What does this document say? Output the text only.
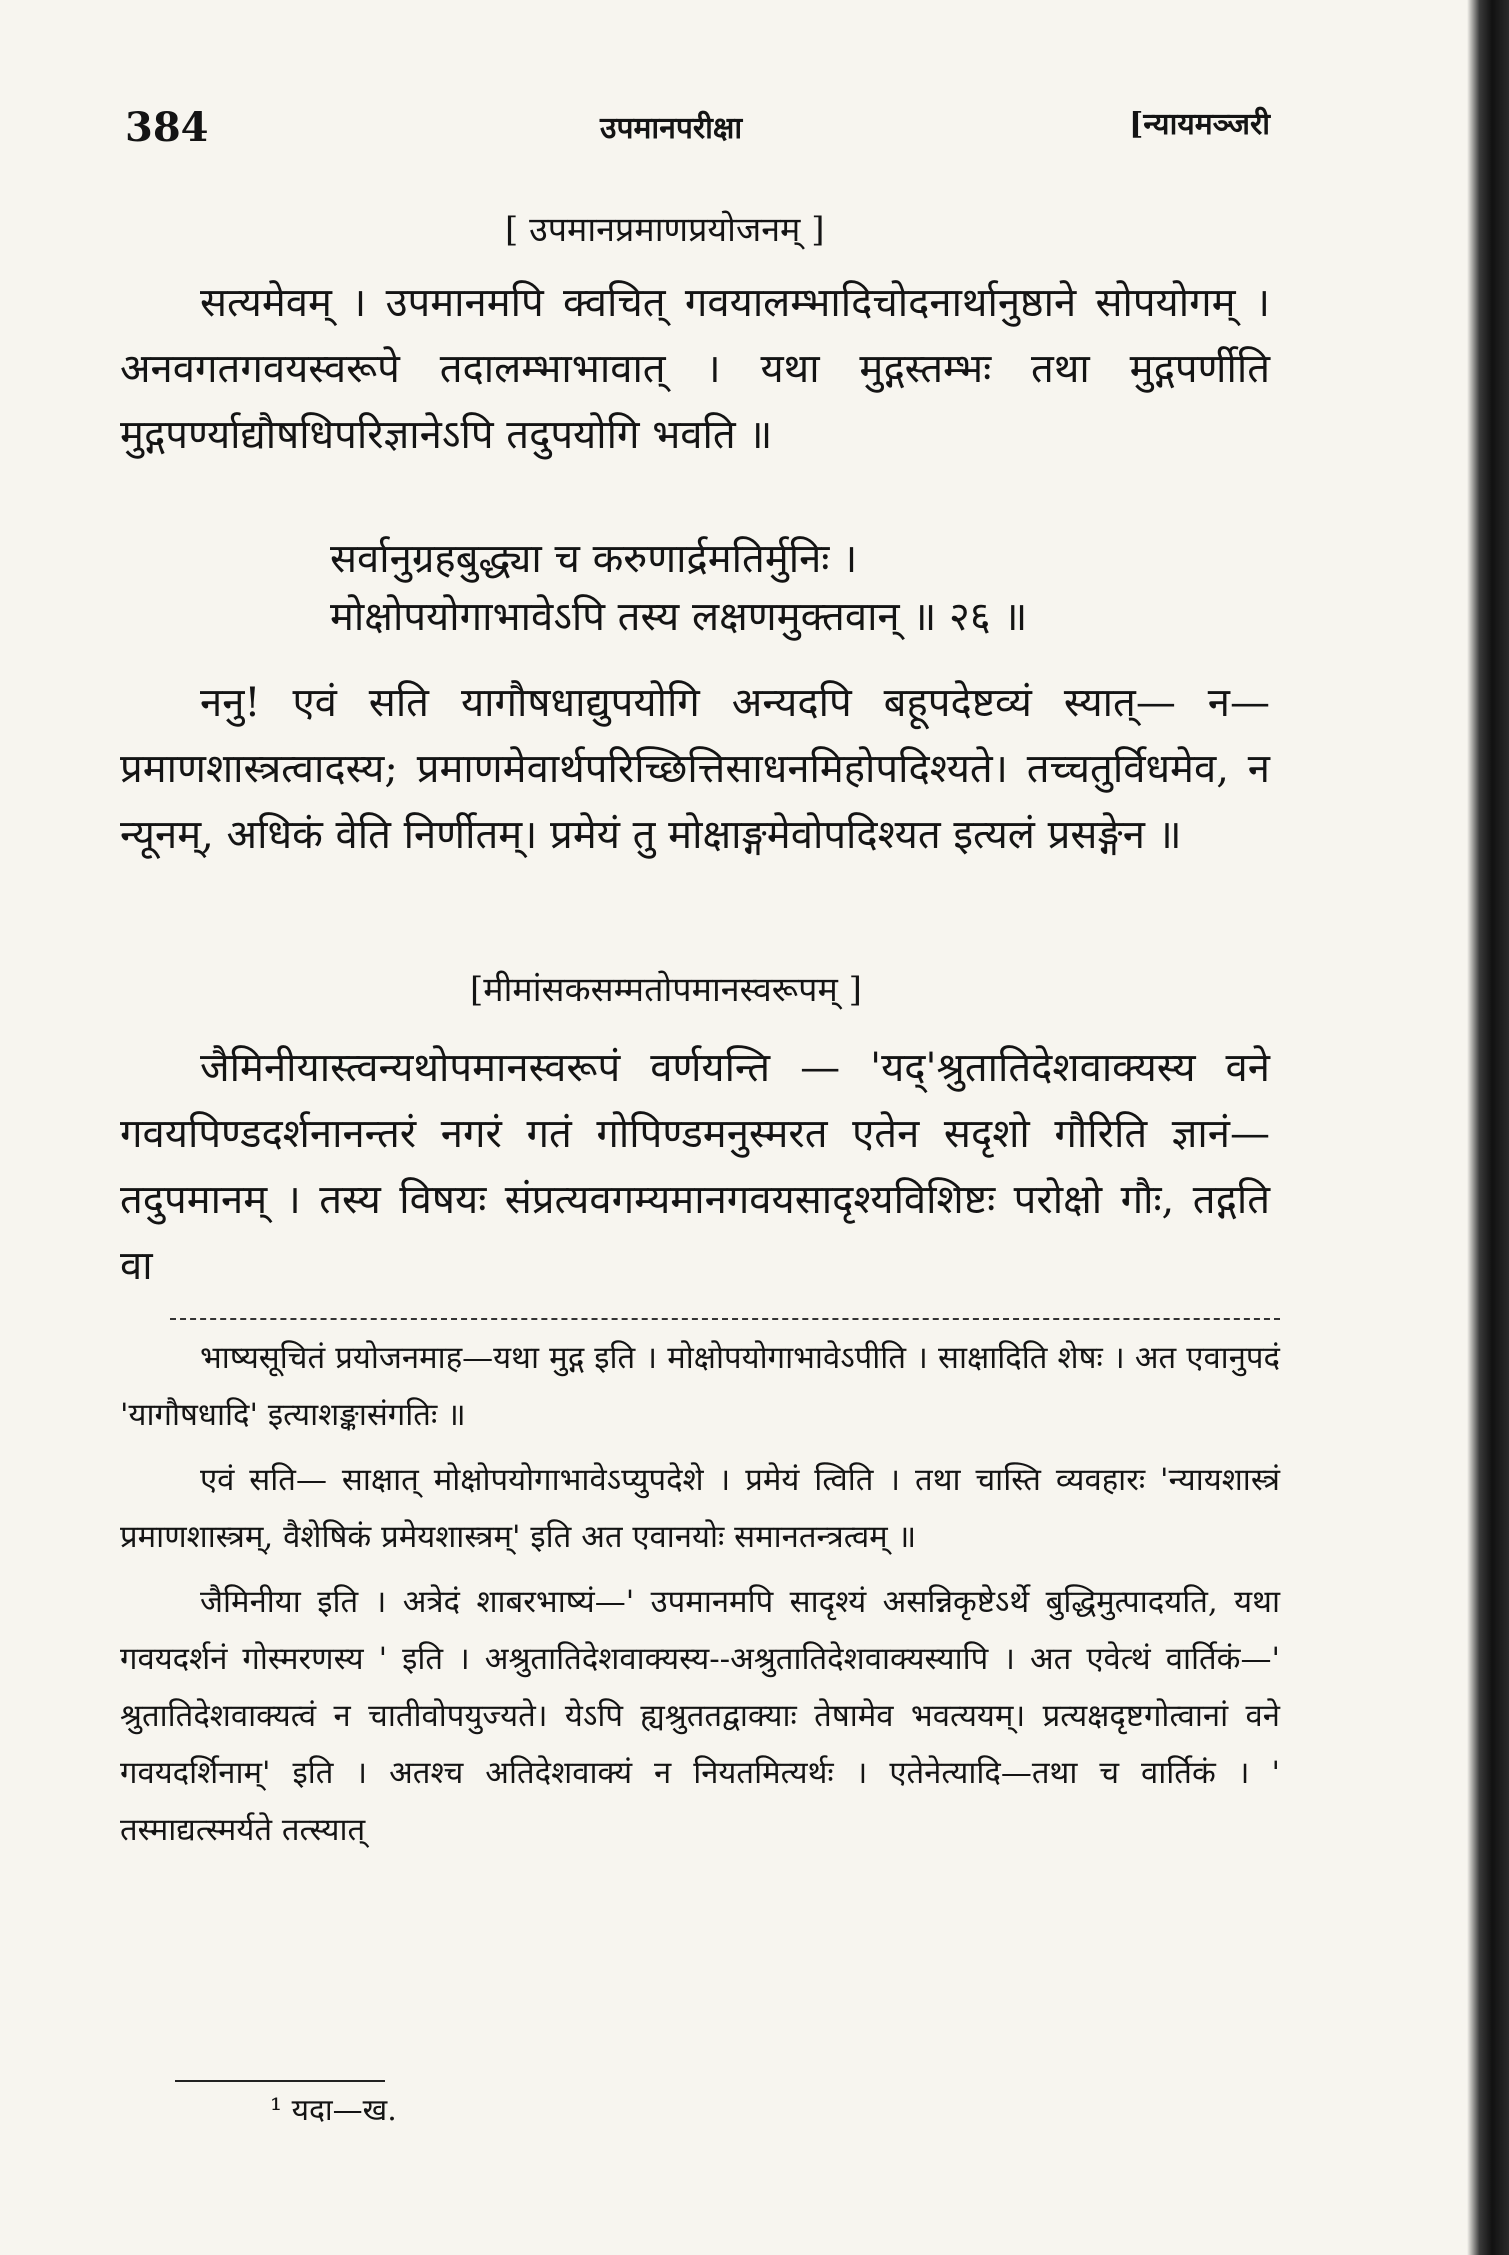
384	उपमानपरीक्षा	[न्यायमञ्जरी
[ उपमानप्रमाणप्रयोजनम् ]

सत्यमेवम् । उपमानमपि क्वचित् गवयालम्भादिचोदनार्थानुष्ठाने सोपयोगम् । अनवगतगवयस्वरूपे तदालम्भाभावात् । यथा मुद्गस्तम्भः तथा मुद्गपर्णीति मुद्गपर्ण्याद्यौषधिपरिज्ञानेऽपि तदुपयोगि भवति ॥

सर्वानुग्रहबुद्ध्या च करुणार्द्रमतिर्मुनिः ।
मोक्षोपयोगाभावेऽपि तस्य लक्षणमुक्तवान् ॥ २६ ॥

ननु! एवं सति यागौषधाद्युपयोगि अन्यदपि बहूपदेष्टव्यं स्यात्— न— प्रमाणशास्त्रत्वादस्य; प्रमाणमेवार्थपरिच्छित्तिसाधनमिहोपदिश्यते। तच्चतुर्विधमेव, न न्यूनम्, अधिकं वेति निर्णीतम्। प्रमेयं तु मोक्षाङ्गमेवोपदिश्यत इत्यलं प्रसङ्गेन ॥

[मीमांसकसम्मतोपमानस्वरूपम् ]

जैमिनीयास्त्वन्यथोपमानस्वरूपं वर्णयन्ति — 'यद्'श्रुतातिदेशवाक्यस्य वने गवयपिण्डदर्शनानन्तरं नगरं गतं गोपिण्डमनुस्मरत एतेन सदृशो गौरिति ज्ञानं—तदुपमानम् । तस्य विषयः संप्रत्यवगम्यमानगवयसादृश्यविशिष्टः परोक्षो गौः, तद्गति वा

भाष्यसूचितं प्रयोजनमाह—यथा मुद्ग इति । मोक्षोपयोगाभावेऽपीति । साक्षादिति शेषः । अत एवानुपदं 'यागौषधादि' इत्याशङ्कासंगतिः ॥

एवं सति— साक्षात् मोक्षोपयोगाभावेऽप्युपदेशे । प्रमेयं त्विति । तथा चास्ति व्यवहारः 'न्यायशास्त्रं प्रमाणशास्त्रम्, वैशेषिकं प्रमेयशास्त्रम्' इति अत एवानयोः समानतन्त्रत्वम् ॥

जैमिनीया इति । अत्रेदं शाबरभाष्यं—' उपमानमपि सादृश्यं असन्निकृष्टेऽर्थे बुद्धिमुत्पादयति, यथा गवयदर्शनं गोस्मरणस्य ' इति । अश्रुतातिदेशवाक्यस्य--अश्रुतातिदेशवाक्यस्यापि । अत एवेत्थं वार्तिकं—' श्रुतातिदेशवाक्यत्वं न चातीवोपयुज्यते। येऽपि ह्यश्रुततद्वाक्याः तेषामेव भवत्ययम्। प्रत्यक्षदृष्टगोत्वानां वने गवयदर्शिनाम्' इति । अतश्च अतिदेशवाक्यं न नियतमित्यर्थः । एतेनेत्यादि—तथा च वार्तिकं । ' तस्माद्यत्स्मर्यते तत्स्यात्

¹ यदा—ख.
